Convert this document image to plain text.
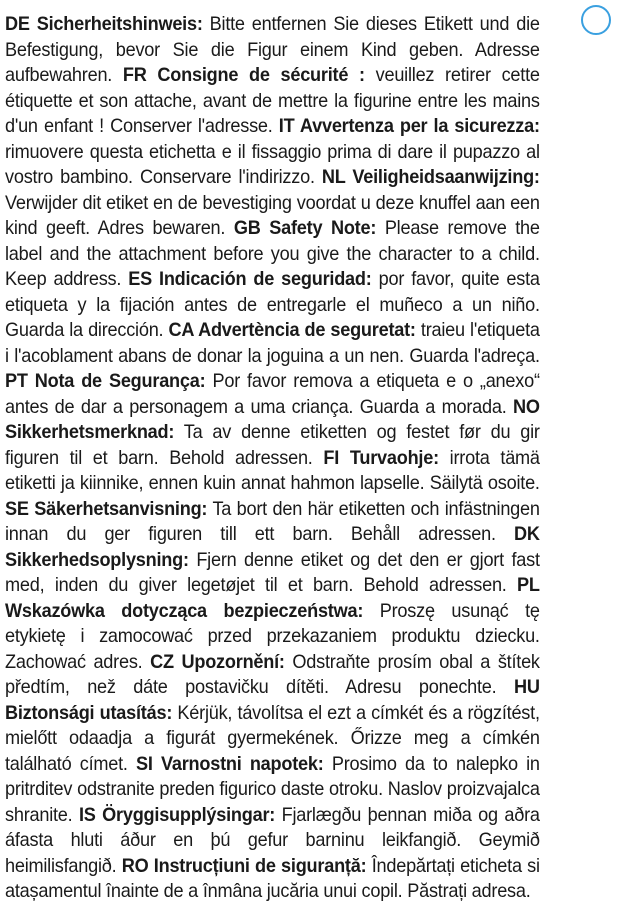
DE Sicherheitshinweis: Bitte entfernen Sie dieses Etikett und die Befestigung, bevor Sie die Figur einem Kind geben. Adresse aufbewahren. FR Consigne de sécurité : veuillez retirer cette étiquette et son attache, avant de mettre la figurine entre les mains d'un enfant ! Conserver l'adresse. IT Avvertenza per la sicurezza: rimuovere questa etichetta e il fissaggio prima di dare il pupazzo al vostro bambino. Conservare l'indirizzo. NL Veiligheidsaanwijzing: Verwijder dit etiket en de bevestiging voordat u deze knuffel aan een kind geeft. Adres bewaren. GB Safety Note: Please remove the label and the attachment before you give the character to a child. Keep address. ES Indicación de seguridad: por favor, quite esta etiqueta y la fijación antes de entregarle el muñeco a un niño. Guarda la dirección. CA Advertència de seguretat: traieu l'etiqueta i l'acoblament abans de donar la joguina a un nen. Guarda l'adreça. PT Nota de Segurança: Por favor remova a etiqueta e o „anexo“ antes de dar a personagem a uma criança. Guarda a morada. NO Sikkerhetsmerknad: Ta av denne etiketten og festet før du gir figuren til et barn. Behold adressen. FI Turvaohje: irrota tämä etiketti ja kiinnike, ennen kuin annat hahmon lapselle. Säilytä osoite. SE Säkerhetsanvisning: Ta bort den här etiketten och infästningen innan du ger figuren till ett barn. Behåll adressen. DK Sikkerhedsoplysning: Fjern denne etiket og det den er gjort fast med, inden du giver legetøjet til et barn. Behold adressen. PL Wskazówka dotycząca bezpieczeństwa: Proszę usunąć tę etykietę i zamocować przed przekazaniem produktu dziecku. Zachować adres. CZ Upozornění: Odstraňte prosím obal a štítek předtím, než dáte postavičku dítěti. Adresu ponechte. HU Biztonsági utasítás: Kérjük, távolítsa el ezt a címkét és a rögzítést, mielőtt odaadja a figurát gyermekének. Őrizze meg a címkén található címet. SI Varnostni napotek: Prosimo da to nalepko in pritrditev odstranite preden figurico daste otroku. Naslov proizvajalca shranite. IS Öryggisupplýsingar: Fjarlægðu þennan miða og aðra áfasta hluti áður en þú gefur barninu leikfangið. Geymið heimilisfangið. RO Instrucțiuni de siguranță: Îndepărtați eticheta si atașamentul înainte de a înmâna jucăria unui copil. Păstrați adresa.
